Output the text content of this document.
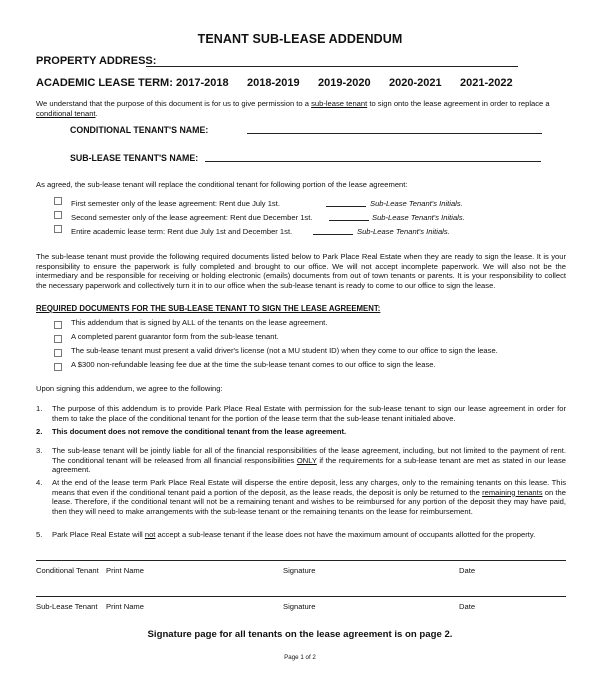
TENANT SUB-LEASE ADDENDUM
PROPERTY ADDRESS:
ACADEMIC LEASE TERM: 2017-2018 2018-2019 2019-2020 2020-2021 2021-2022
We understand that the purpose of this document is for us to give permission to a sub-lease tenant to sign onto the lease agreement in order to replace a conditional tenant.
CONDITIONAL TENANT'S NAME:
SUB-LEASE TENANT'S NAME:
As agreed, the sub-lease tenant will replace the conditional tenant for following portion of the lease agreement:
First semester only of the lease agreement: Rent due July 1st.	Sub-Lease Tenant's Initials.
Second semester only of the lease agreement: Rent due December 1st.	Sub-Lease Tenant's Initials.
Entire academic lease term: Rent due July 1st and December 1st.	Sub-Lease Tenant's Initials.
The sub-lease tenant must provide the following required documents listed below to Park Place Real Estate when they are ready to sign the lease. It is your responsibility to ensure the paperwork is fully completed and brought to our office. We will not accept incomplete paperwork. We will also not be the intermediary and be responsible for receiving or holding electronic (emails) documents from out of town tenants or parents. It is your responsibility to collect the necessary paperwork and collectively turn it in to our office when the sub-lease tenant is ready to come to our office to sign the lease.
REQUIRED DOCUMENTS FOR THE SUB-LEASE TENANT TO SIGN THE LEASE AGREEMENT:
This addendum that is signed by ALL of the tenants on the lease agreement.
A completed parent guarantor form from the sub-lease tenant.
The sub-lease tenant must present a valid driver's license (not a MU student ID) when they come to our office to sign the lease.
A $300 non-refundable leasing fee due at the time the sub-lease tenant comes to our office to sign the lease.
Upon signing this addendum, we agree to the following:
1. The purpose of this addendum is to provide Park Place Real Estate with permission for the sub-lease tenant to sign our lease agreement in order for them to take the place of the conditional tenant for the portion of the lease term that the sub-lease tenant initialed above.
2. This document does not remove the conditional tenant from the lease agreement.
3. The sub-lease tenant will be jointly liable for all of the financial responsibilities of the lease agreement, including, but not limited to the payment of rent. The conditional tenant will be released from all financial responsibilities ONLY if the requirements for a sub-lease tenant are met as stated in our lease agreement.
4. At the end of the lease term Park Place Real Estate will disperse the entire deposit, less any charges, only to the remaining tenants on this lease. This means that even if the conditional tenant paid a portion of the deposit, as the lease reads, the deposit is only be returned to the remaining tenants on the lease. Therefore, if the conditional tenant will not be a remaining tenant and wishes to be reimbursed for any portion of the deposit they may have paid, then they will need to make arrangements with the sub-lease tenant or the remaining tenants on the lease for reimbursement.
5. Park Place Real Estate will not accept a sub-lease tenant if the lease does not have the maximum amount of occupants allotted for the property.
Conditional Tenant Print Name	Signature	Date
Sub-Lease Tenant Print Name	Signature	Date
Signature page for all tenants on the lease agreement is on page 2.
Page 1 of 2
